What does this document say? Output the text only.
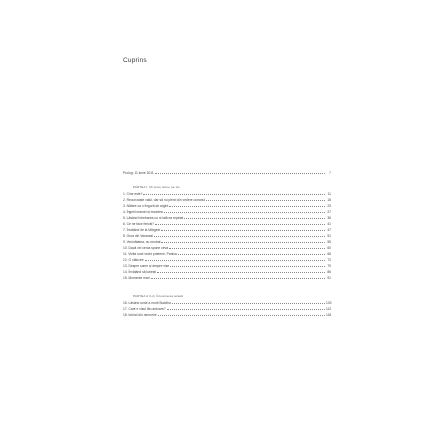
Cuprins
Prolog: 11 iunie 2011	7
PARTEA I: Mi mute lenne pe loc
1. Cine este?	11
2. Recunoaște valul, dar să nu pierzi din vedere oceanul	18
3. Nătare ca o lingură de argint	23
4. Îngerii mamei și moartea	27
5. Lăsând întrebarea cu ni iată ea repetat	36
6. Ce ne face fericiți?	41
7. Învățând de la Mărgele	47
8. Gura din Varanasi	51
9. Vecinătatea, nu neutral	55
10. Dacă vei cerca spune ceva	60
11. Vizita unei vechi prietene, Panica	66
12. O nălucire	72
13. Despre somn și despre vise	79
14. Învățând să iubești	86
15. Momente mari	91
PARTEA A II-A: Întoarcerea acasă
16. Lăsând unde a murit Buddha	103
17. Care e visul tău ardoare?	112
18. Iubind din nemurire	116
